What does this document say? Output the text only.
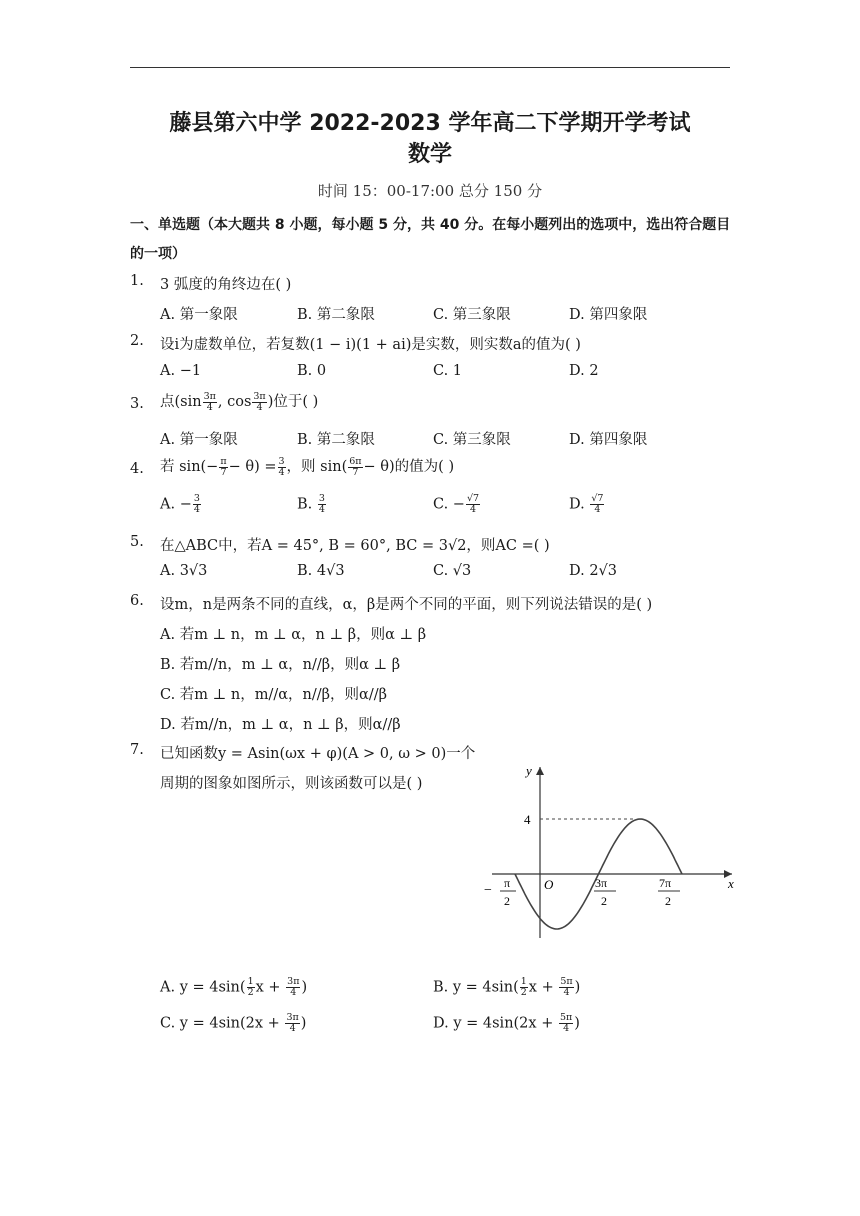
藤县第六中学 2022-2023 学年高二下学期开学考试
数学
时间 15：00-17:00 总分 150 分
一、单选题（本大题共 8 小题，每小题 5 分，共 40 分。在每小题列出的选项中，选出符合题目的一项）
1. 3 弧度的角终边在( )
A. 第一象限	B. 第二象限	C. 第三象限	D. 第四象限
2. 设i为虚数单位，若复数(1 − i)(1 + ai)是实数，则实数a的值为( )
A. −1	B. 0	C. 1	D. 2
3. 点($\sin \frac{3\pi}{4}$ , $\cos \frac{3\pi}{4}$ )位于( )
A. 第一象限	B. 第二象限	C. 第三象限	D. 第四象限
4. 若 $\sin(- \frac{\pi}{7} - \theta) = \frac{3}{4}$ ，则 $\sin( \frac{6\pi}{7} - \theta)$的值为( )
A. − $\frac{3}{4}$	B. $\frac{3}{4}$	C. − $\frac{√7}{4}$	D. $\frac{√7}{4}$
5. 在△ABC中，若A = 45°, B = 60°, BC = 3√2，则AC =( )
A. 3√3	B. 4√3	C. √3	D. 2√3
6. 设m，n是两条不同的直线，α，β是两个不同的平面，则下列说法错误的是( )
A. 若m ⊥ n，m ⊥ α，n ⊥ β，则α ⊥ β
B. 若m//n，m ⊥ α，n//β，则α ⊥ β
C. 若m ⊥ n，m//α，n//β，则α//β
D. 若m//n，m ⊥ α，n ⊥ β，则α//β
7. 已知函数y = Asin(ωx + φ)(A > 0, ω > 0)一个
周期的图象如图所示，则该函数可以是( )
y
x
O
4
− π
2
3π
2
7π
2
A. $y = 4\sin( \frac{1}{2}$ $x + \frac{3\pi}{4}$ )	B. $y = 4\sin( \frac{1}{2}$ $x + \frac{5\pi}{4}$ )
C. $y = 4\sin(2x + \frac{3\pi}{4}$ )	D. $y = 4\sin(2x + \frac{5\pi}{4}$ )
